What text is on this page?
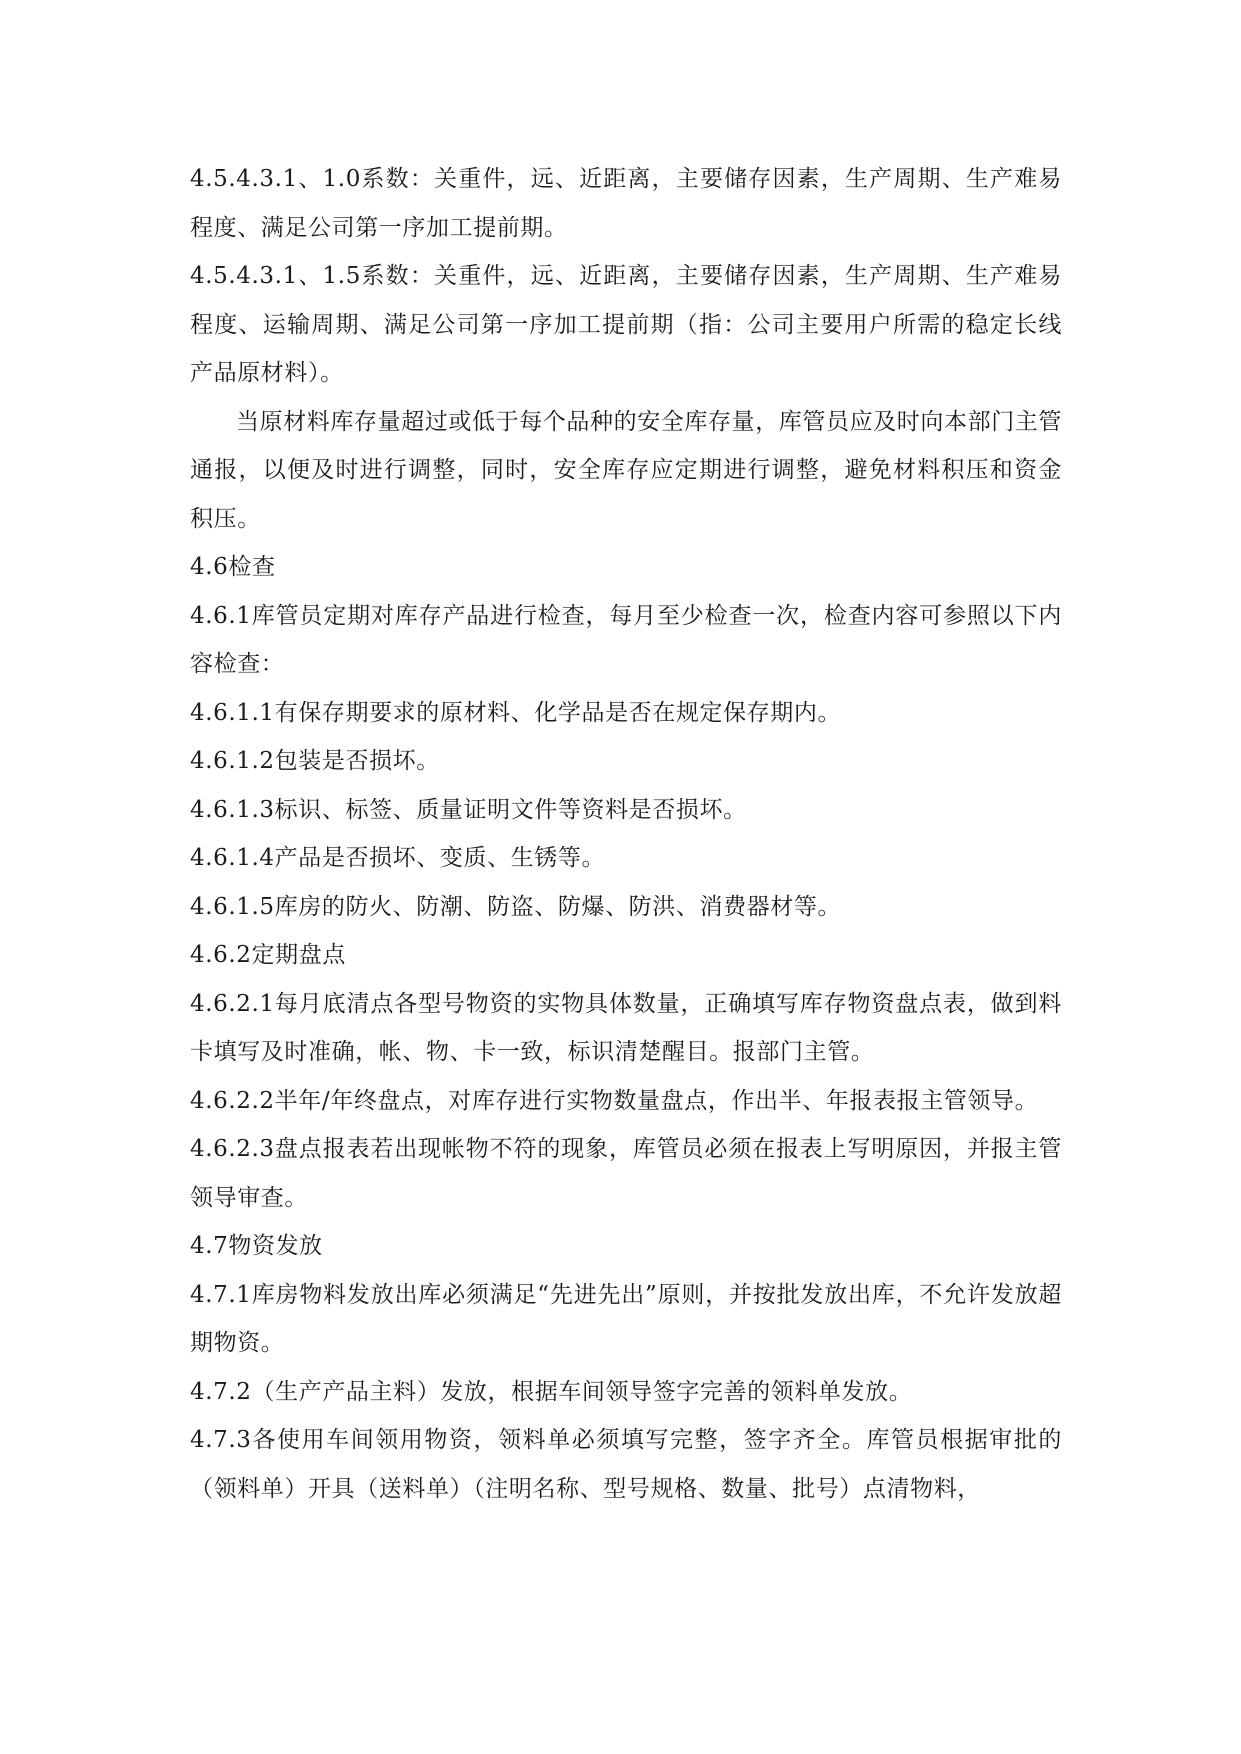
4.5.4.3.1、1.0系数：关重件，远、近距离，主要储存因素，生产周期、生产难易程度、满足公司第一序加工提前期。

4.5.4.3.1、1.5系数：关重件，远、近距离，主要储存因素，生产周期、生产难易程度、运输周期、满足公司第一序加工提前期（指：公司主要用户所需的稳定长线产品原材料）。

当原材料库存量超过或低于每个品种的安全库存量，库管员应及时向本部门主管通报，以便及时进行调整，同时，安全库存应定期进行调整，避免材料积压和资金积压。

4.6检查

4.6.1库管员定期对库存产品进行检查，每月至少检查一次，检查内容可参照以下内容检查：

4.6.1.1有保存期要求的原材料、化学品是否在规定保存期内。

4.6.1.2包装是否损坏。

4.6.1.3标识、标签、质量证明文件等资料是否损坏。

4.6.1.4产品是否损坏、变质、生锈等。

4.6.1.5库房的防火、防潮、防盗、防爆、防洪、消费器材等。

4.6.2定期盘点

4.6.2.1每月底清点各型号物资的实物具体数量，正确填写库存物资盘点表，做到料卡填写及时准确，帐、物、卡一致，标识清楚醒目。报部门主管。

4.6.2.2半年/年终盘点，对库存进行实物数量盘点，作出半、年报表报主管领导。

4.6.2.3盘点报表若出现帐物不符的现象，库管员必须在报表上写明原因，并报主管领导审查。

4.7物资发放

4.7.1库房物料发放出库必须满足“先进先出”原则，并按批发放出库，不允许发放超期物资。

4.7.2（生产产品主料）发放，根据车间领导签字完善的领料单发放。

4.7.3各使用车间领用物资，领料单必须填写完整，签字齐全。库管员根据审批的（领料单）开具（送料单）（注明名称、型号规格、数量、批号）点清物料，
